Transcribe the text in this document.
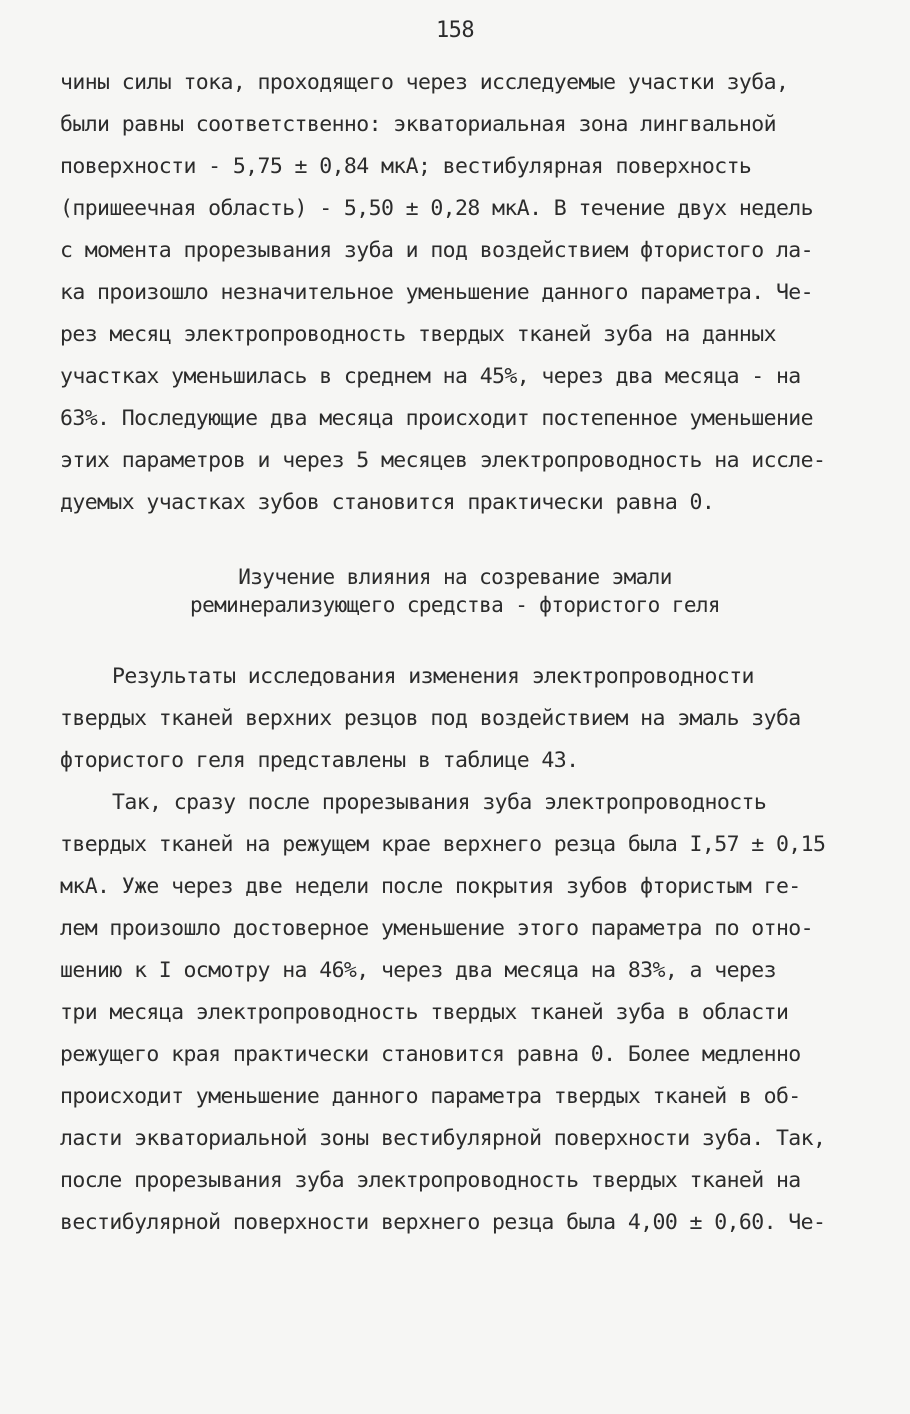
158
чины силы тока, проходящего через исследуемые участки зуба,
были равны соответственно: экваториальная зона лингвальной
поверхности - 5,75 ± 0,84 мкА; вестибулярная поверхность
(пришеечная область) - 5,50 ± 0,28 мкА. В течение двух недель
с момента прорезывания зуба и под воздействием фтористого ла-
ка произошло незначительное уменьшение данного параметра. Че-
рез месяц электропроводность твердых тканей зуба на данных
участках уменьшилась в среднем на 45%, через два месяца - на
63%. Последующие два месяца происходит постепенное уменьшение
этих параметров и через 5 месяцев электропроводность на иссле-
дуемых участках зубов становится практически равна 0.
Изучение влияния на созревание эмали
реминерализующего средства - фтористого геля
Результаты исследования изменения электропроводности
твердых тканей верхних резцов под воздействием на эмаль зуба
фтористого геля представлены в таблице 43.
Так, сразу после прорезывания зуба электропроводность
твердых тканей на режущем крае верхнего резца была I,57 ± 0,15
мкА. Уже через две недели после покрытия зубов фтористым ге-
лем произошло достоверное уменьшение этого параметра по отно-
шению к I осмотру на 46%, через два месяца на 83%, а через
три месяца электропроводность твердых тканей зуба в области
режущего края практически становится равна 0. Более медленно
происходит уменьшение данного параметра твердых тканей в об-
ласти экваториальной зоны вестибулярной поверхности зуба. Так,
после прорезывания зуба электропроводность твердых тканей на
вестибулярной поверхности верхнего резца была 4,00 ± 0,60. Че-
